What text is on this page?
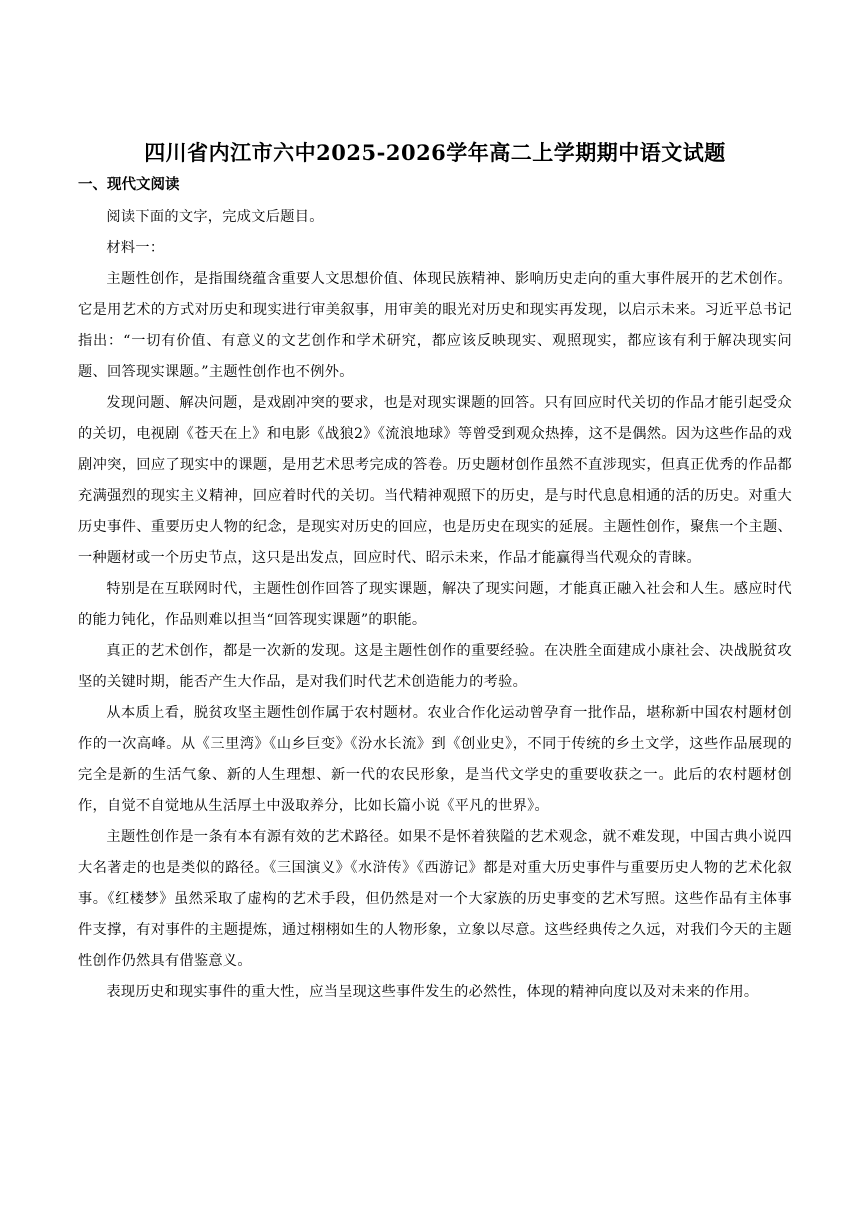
四川省内江市六中2025-2026学年高二上学期期中语文试题
一、现代文阅读

阅读下面的文字，完成文后题目。

材料一：

主题性创作，是指围绕蕴含重要人文思想价值、体现民族精神、影响历史走向的重大事件展开的艺术创作。它是用艺术的方式对历史和现实进行审美叙事，用审美的眼光对历史和现实再发现，以启示未来。习近平总书记指出：“一切有价值、有意义的文艺创作和学术研究，都应该反映现实、观照现实，都应该有利于解决现实问题、回答现实课题。”主题性创作也不例外。

发现问题、解决问题，是戏剧冲突的要求，也是对现实课题的回答。只有回应时代关切的作品才能引起受众的关切，电视剧《苍天在上》和电影《战狼2》《流浪地球》等曾受到观众热捧，这不是偶然。因为这些作品的戏剧冲突，回应了现实中的课题，是用艺术思考完成的答卷。历史题材创作虽然不直涉现实，但真正优秀的作品都充满强烈的现实主义精神，回应着时代的关切。当代精神观照下的历史，是与时代息息相通的活的历史。对重大历史事件、重要历史人物的纪念，是现实对历史的回应，也是历史在现实的延展。主题性创作，聚焦一个主题、一种题材或一个历史节点，这只是出发点，回应时代、昭示未来，作品才能赢得当代观众的青睐。

特别是在互联网时代，主题性创作回答了现实课题，解决了现实问题，才能真正融入社会和人生。感应时代的能力钝化，作品则难以担当“回答现实课题”的职能。

真正的艺术创作，都是一次新的发现。这是主题性创作的重要经验。在决胜全面建成小康社会、决战脱贫攻坚的关键时期，能否产生大作品，是对我们时代艺术创造能力的考验。

从本质上看，脱贫攻坚主题性创作属于农村题材。农业合作化运动曾孕育一批作品，堪称新中国农村题材创作的一次高峰。从《三里湾》《山乡巨变》《汾水长流》到《创业史》，不同于传统的乡土文学，这些作品展现的完全是新的生活气象、新的人生理想、新一代的农民形象，是当代文学史的重要收获之一。此后的农村题材创作，自觉不自觉地从生活厚土中汲取养分，比如长篇小说《平凡的世界》。

主题性创作是一条有本有源有效的艺术路径。如果不是怀着狭隘的艺术观念，就不难发现，中国古典小说四大名著走的也是类似的路径。《三国演义》《水浒传》《西游记》都是对重大历史事件与重要历史人物的艺术化叙事。《红楼梦》虽然采取了虚构的艺术手段，但仍然是对一个大家族的历史事变的艺术写照。这些作品有主体事件支撑，有对事件的主题提炼，通过栩栩如生的人物形象，立象以尽意。这些经典传之久远，对我们今天的主题性创作仍然具有借鉴意义。

表现历史和现实事件的重大性，应当呈现这些事件发生的必然性，体现的精神向度以及对未来的作用。
